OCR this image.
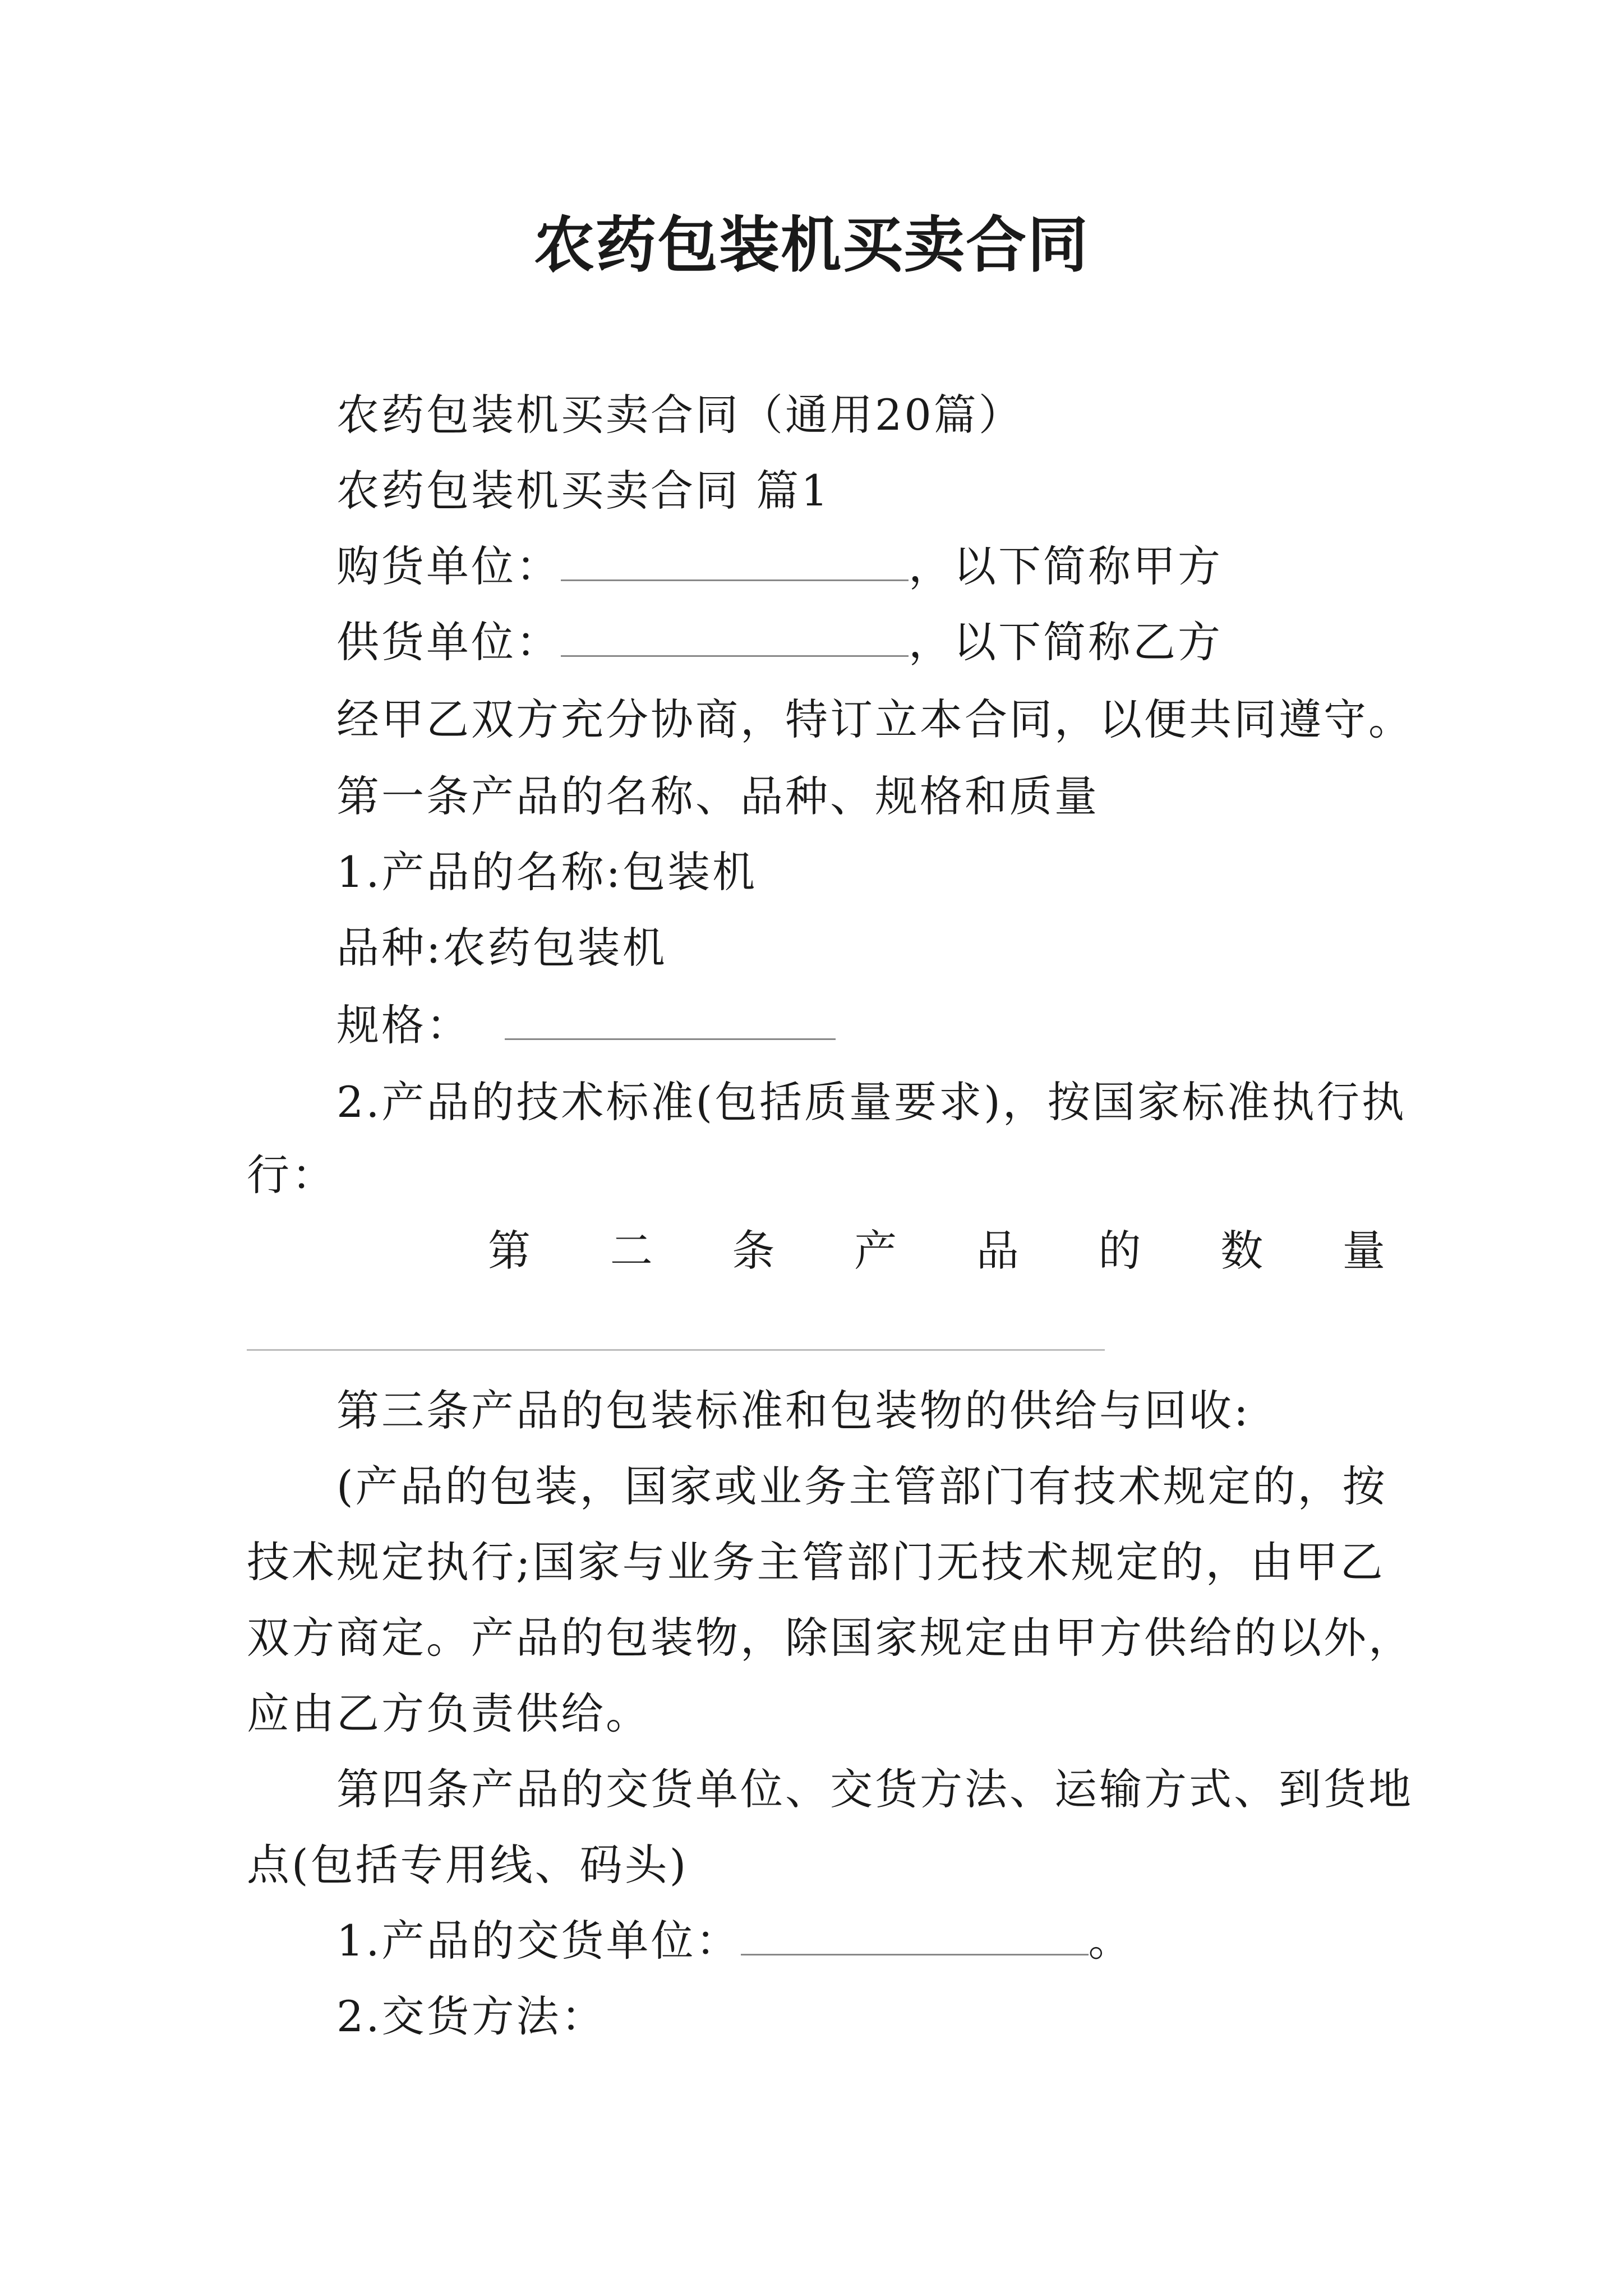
农药包装机买卖合同
农药包装机买卖合同（通用20篇）
农药包装机买卖合同 篇1
购货单位：	，以下简称甲方
供货单位：	，以下简称乙方
经甲乙双方充分协商，特订立本合同，以便共同遵守。
第一条产品的名称、品种、规格和质量
1.产品的名称:包装机
品种:农药包装机
规格：
2.产品的技术标准(包括质量要求)，按国家标准执行执
行：
第 二 条 产 品 的 数 量
第三条产品的包装标准和包装物的供给与回收:
(产品的包装，国家或业务主管部门有技术规定的，按
技术规定执行;国家与业务主管部门无技术规定的，由甲乙
双方商定。产品的包装物，除国家规定由甲方供给的以外，
应由乙方负责供给。
第四条产品的交货单位、交货方法、运输方式、到货地
点(包括专用线、码头)
1.产品的交货单位：	。
2.交货方法：
